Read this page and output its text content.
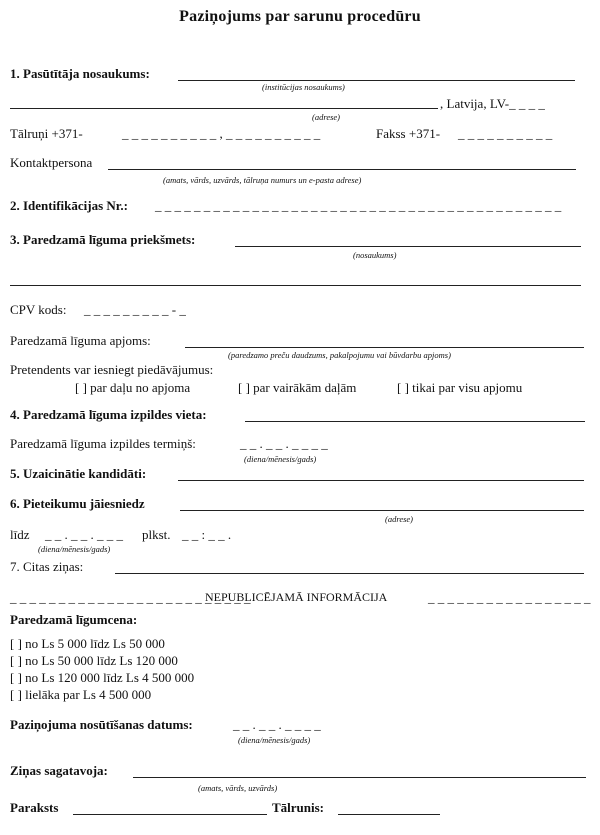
Paziņojums par sarunu procedūru
1. Pasūtītāja nosaukums:
(institūcijas nosaukums)
, Latvija, LV-_ _ _ _
(adrese)
Tālruņi +371-	_ _ _ _ _ _ _ _ _ _ , _ _ _ _ _ _ _ _ _ _	Fakss +371- _ _ _ _ _ _ _ _ _ _
Kontaktpersona
(amats, vārds, uzvārds, tālruņa numurs un e-pasta adrese)
2. Identifikācijas Nr.: _ _ _ _ _ _ _ _ _ _ _ _ _ _ _ _ _ _ _ _ _ _ _ _ _ _ _ _ _ _ _ _ _ _ _ _ _ _ _ _ _ _
3. Paredzamā līguma priekšmets:
(nosaukums)
CPV kods: _ _ _ _ _ _ _ _ _ - _
Paredzamā līguma apjoms:
(paredzamo preču daudzums, pakalpojumu vai būvdarbu apjoms)
Pretendents var iesniegt piedāvājumus:
[ ] par daļu no apjoma	[ ] par vairākām daļām	[ ] tikai par visu apjomu
4. Paredzamā līguma izpildes vieta:
Paredzamā līguma izpildes termiņš:	_ _ . _ _ . _ _ _ _
(diena/mēnesis/gads)
5. Uzaicinātie kandidāti:
6. Pieteikumu jāiesniedz
(adrese)
līdz _ _ . _ _ . _ _ _ plkst. _ _ : _ _ .
(diena/mēnesis/gads)
7. Citas ziņas:
_ _ _ _ _ _ _ _ _ _ _ _ _ _ _ _ _ _ _ _ _ _ _ _ _
NEPUBLICĒJAMĀ INFORMĀCIJA	_ _ _ _ _ _ _ _ _ _ _ _ _ _ _ _ _
Paredzamā līgumcena:
[ ] no Ls 5 000 līdz Ls 50 000
[ ] no Ls 50 000 līdz Ls 120 000
[ ] no Ls 120 000 līdz Ls 4 500 000
[ ] lielāka par Ls 4 500 000
Paziņojuma nosūtīšanas datums:	_ _ . _ _ . _ _ _ _
(diena/mēnesis/gads)
Ziņas sagatavoja:
(amats, vārds, uzvārds)
Paraksts	Tālrunis:
